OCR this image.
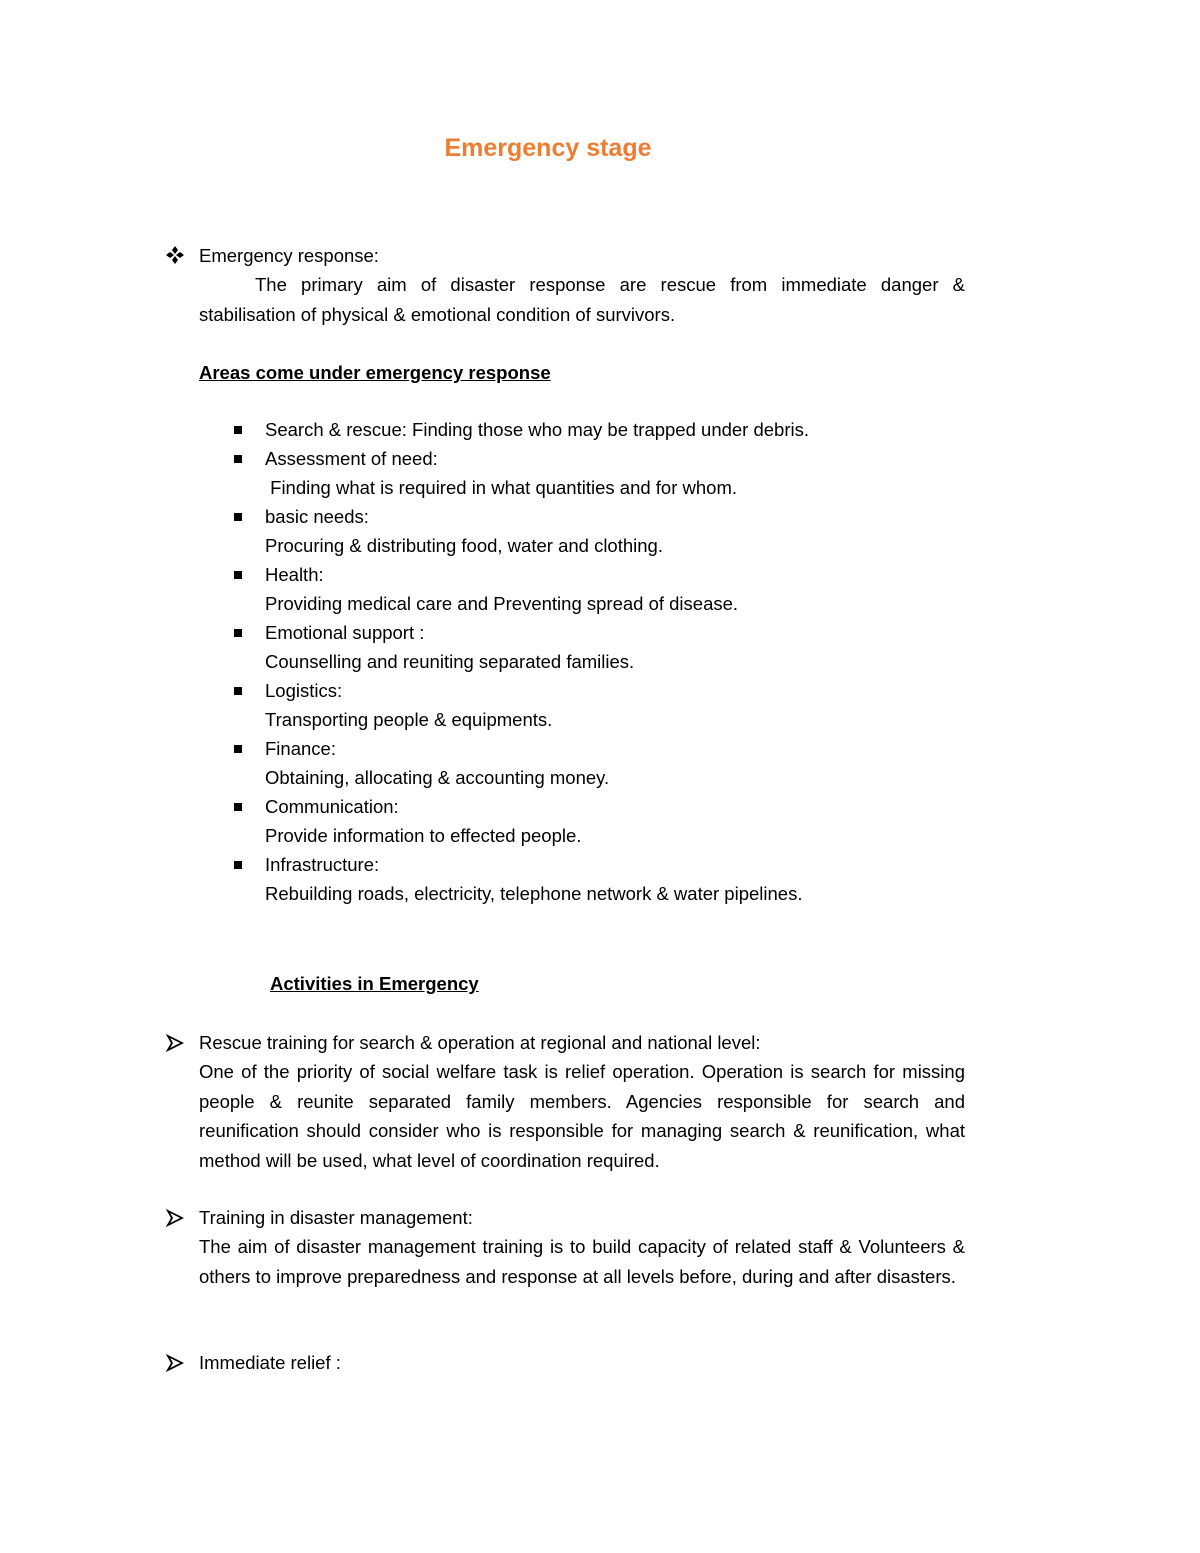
Emergency stage
Emergency response:
The primary aim of disaster response are rescue from immediate danger & stabilisation of physical & emotional condition of survivors.
Areas come under emergency response
Search & rescue: Finding those who may be trapped under debris.
Assessment of need:
Finding what is required in what quantities and for whom.
basic needs:
Procuring & distributing food, water and clothing.
Health:
Providing medical care and Preventing spread of disease.
Emotional support :
Counselling and reuniting separated families.
Logistics:
Transporting people & equipments.
Finance:
Obtaining, allocating & accounting money.
Communication:
Provide information to effected people.
Infrastructure:
Rebuilding roads, electricity, telephone network & water pipelines.
Activities in Emergency
Rescue training for search & operation at regional and national level:
One of the priority of social welfare task is relief operation. Operation is search for missing people & reunite separated family members. Agencies responsible for search and reunification should consider who is responsible for managing search & reunification, what method will be used, what level of coordination required.
Training in disaster management:
The aim of disaster management training is to build capacity of related staff & Volunteers & others to improve preparedness and response at all levels before, during and after disasters.
Immediate relief :
